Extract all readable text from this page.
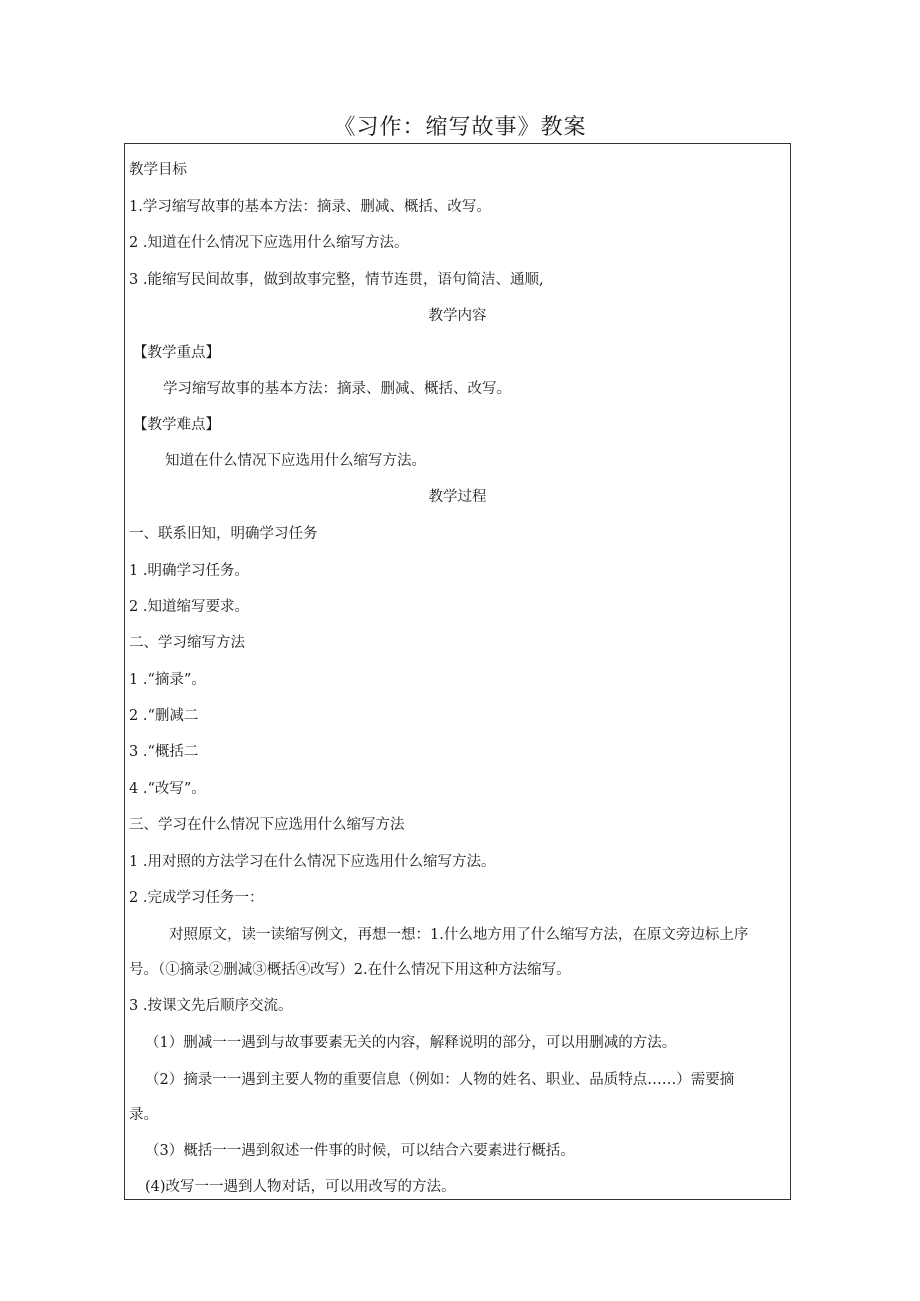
《习作：缩写故事》教案
教学目标
1.学习缩写故事的基本方法：摘录、删减、概括、改写。
2 .知道在什么情况下应选用什么缩写方法。
3 .能缩写民间故事，做到故事完整，情节连贯，语句简洁、通顺,
教学内容
【教学重点】
学习缩写故事的基本方法：摘录、删减、概括、改写。
【教学难点】
知道在什么情况下应选用什么缩写方法。
教学过程
一、联系旧知，明确学习任务
1 .明确学习任务。
2 .知道缩写要求。
二、学习缩写方法
1 .“摘录”。
2 .“删减二
3 .“概括二
4 .“改写”。
三、学习在什么情况下应选用什么缩写方法
1 .用对照的方法学习在什么情况下应选用什么缩写方法。
2 .完成学习任务一：
对照原文，读一读缩写例文，再想一想：1.什么地方用了什么缩写方法，在原文旁边标上序
号。（①摘录②删减③概括④改写）2.在什么情况下用这种方法缩写。
3 .按课文先后顺序交流。
（1）删减一一遇到与故事要素无关的内容，解释说明的部分，可以用删减的方法。
（2）摘录一一遇到主要人物的重要信息（例如：人物的姓名、职业、品质特点……）需要摘
录。
（3）概括一一遇到叙述一件事的时候，可以结合六要素进行概括。
(4)改写一一遇到人物对话，可以用改写的方法。
